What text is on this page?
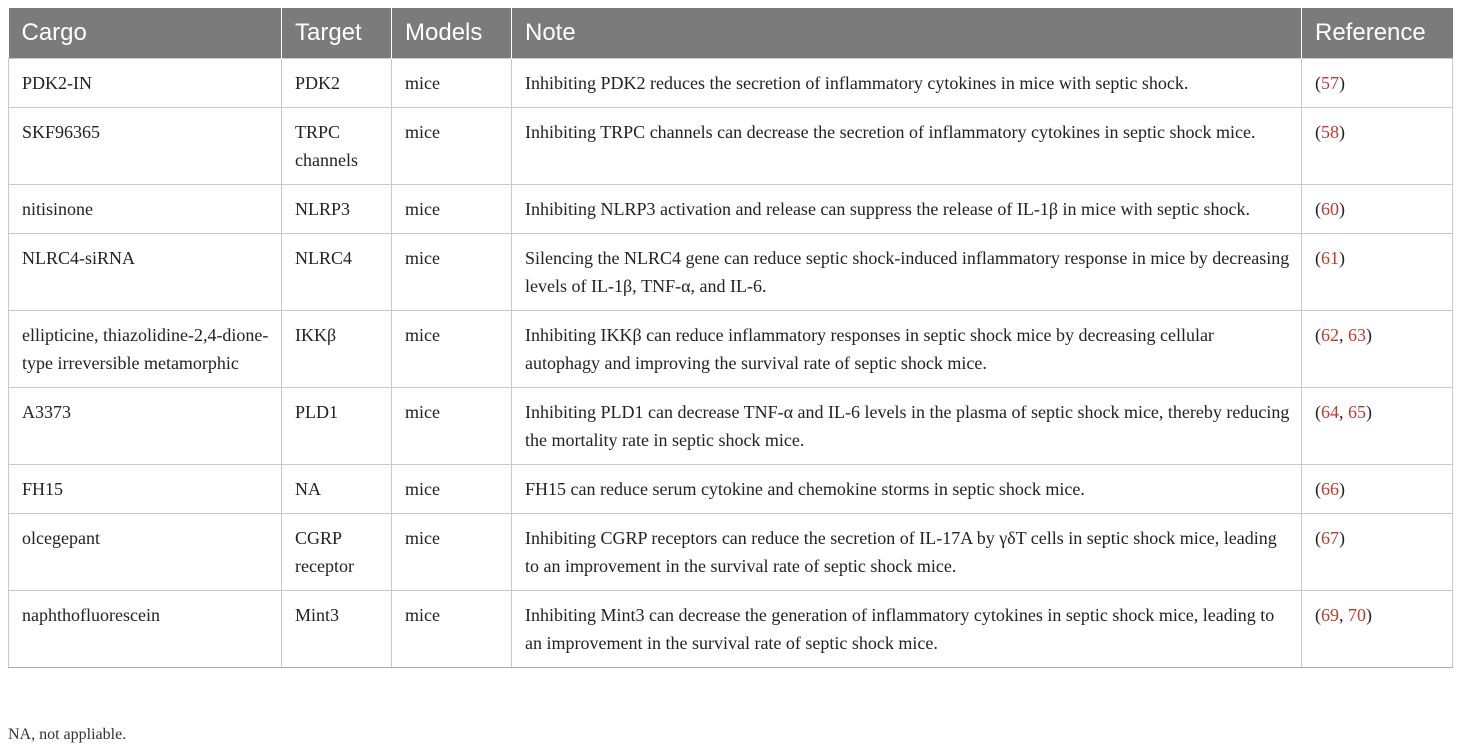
Cargo	Target	Models	Note	Reference
PDK2-IN	PDK2	mice	Inhibiting PDK2 reduces the secretion of inflammatory cytokines in mice with septic shock.	(57)
SKF96365	TRPC channels	mice	Inhibiting TRPC channels can decrease the secretion of inflammatory cytokines in septic shock mice.	(58)
nitisinone	NLRP3	mice	Inhibiting NLRP3 activation and release can suppress the release of IL-1β in mice with septic shock.	(60)
NLRC4-siRNA	NLRC4	mice	Silencing the NLRC4 gene can reduce septic shock-induced inflammatory response in mice by decreasing levels of IL-1β, TNF-α, and IL-6.	(61)
ellipticine, thiazolidine-2,4-dione-type irreversible metamorphic	IKKβ	mice	Inhibiting IKKβ can reduce inflammatory responses in septic shock mice by decreasing cellular autophagy and improving the survival rate of septic shock mice.	(62, 63)
A3373	PLD1	mice	Inhibiting PLD1 can decrease TNF-α and IL-6 levels in the plasma of septic shock mice, thereby reducing the mortality rate in septic shock mice.	(64, 65)
FH15	NA	mice	FH15 can reduce serum cytokine and chemokine storms in septic shock mice.	(66)
olcegepant	CGRP receptor	mice	Inhibiting CGRP receptors can reduce the secretion of IL-17A by γδT cells in septic shock mice, leading to an improvement in the survival rate of septic shock mice.	(67)
naphthofluorescein	Mint3	mice	Inhibiting Mint3 can decrease the generation of inflammatory cytokines in septic shock mice, leading to an improvement in the survival rate of septic shock mice.	(69, 70)
NA, not appliable.
